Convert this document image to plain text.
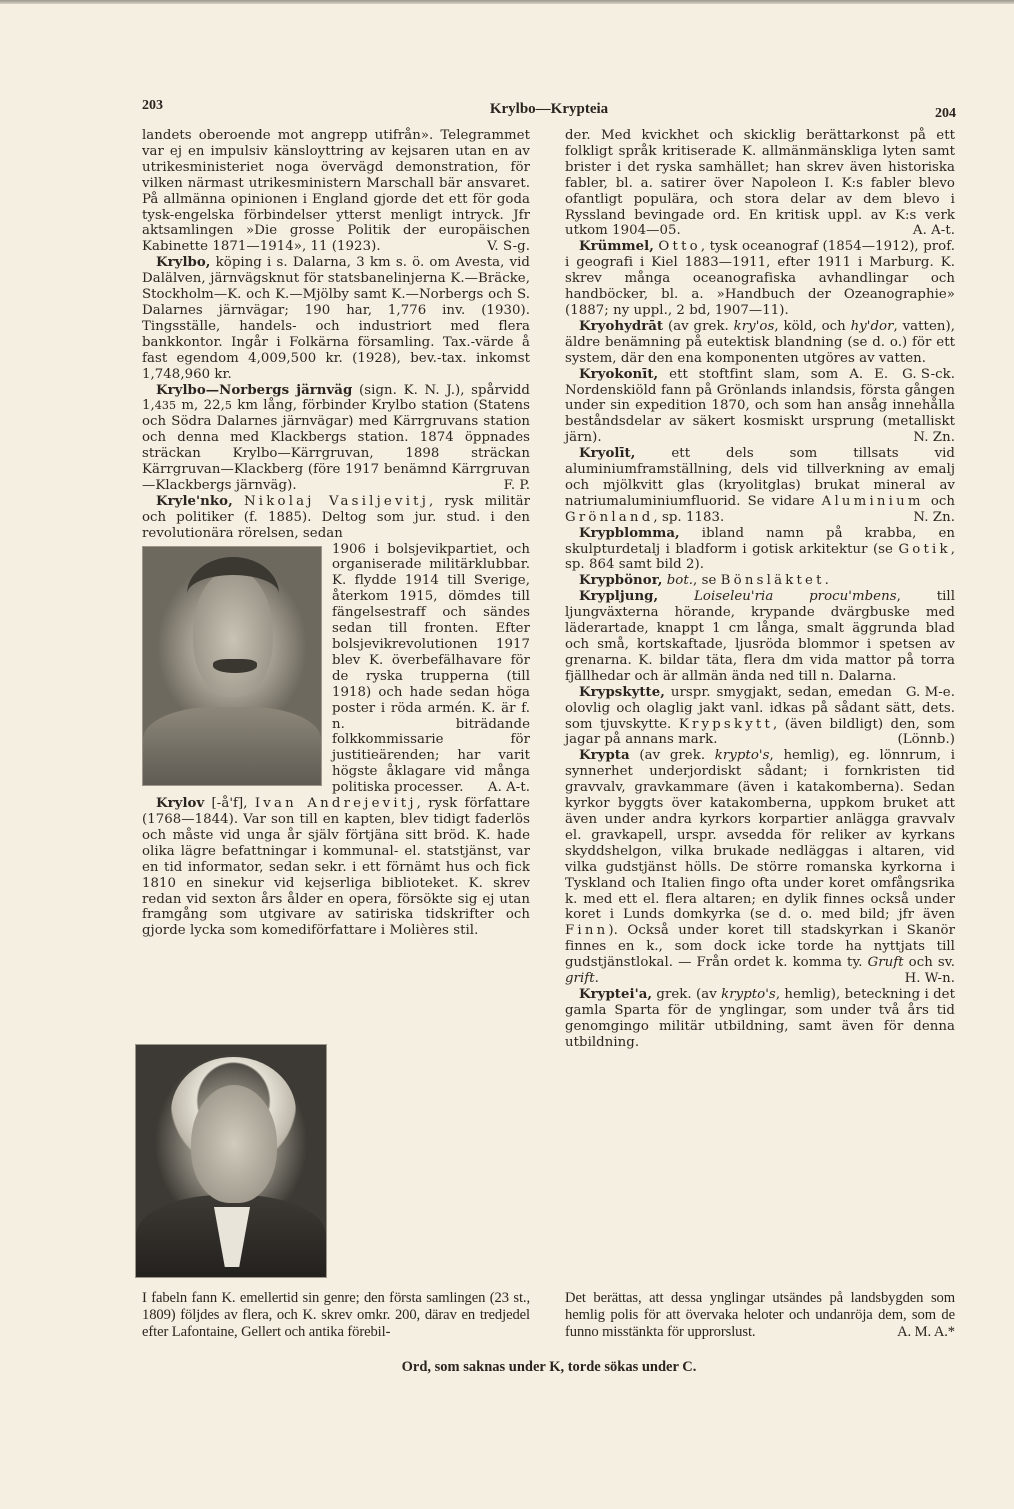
203	Krylbo—Krypteia	204

landets oberoende mot angrepp utifrån». Telegrammet var ej en impulsiv känsloyttring av kejsaren utan en av utrikesministeriet noga övervägd demonstration, för vilken närmast utrikesministern Marschall bär ansvaret. På allmänna opinionen i England gjorde det ett för goda tysk-engelska förbindelser ytterst menligt intryck. Jfr aktsamlingen »Die grosse Politik der europäischen Kabinette 1871—1914», 11 (1923).	V. S-g.

Krylbo, köping i s. Dalarna, 3 km s. ö. om Avesta, vid Dalälven, järnvägsknut för statsbanelinjerna K.—Bräcke, Stockholm—K. och K.—Mjölby samt K.—Norbergs och S. Dalarnes järnvägar; 190 har, 1,776 inv. (1930). Tingsställe, handels- och industriort med flera bankkontor. Ingår i Folkärna församling. Tax.-värde å fast egendom 4,009,500 kr. (1928), bev.-tax. inkomst 1,748,960 kr.

Krylbo—Norbergs järnväg (sign. K. N. J.), spårvidd 1,435 m, 22,5 km lång, förbinder Krylbo station (Statens och Södra Dalarnes järnvägar) med Kärrgruvans station och denna med Klackbergs station. 1874 öppnades sträckan Krylbo—Kärrgruvan, 1898 sträckan Kärrgruvan—Klackberg (före 1917 benämnd Kärrgruvan—Klackbergs järnväg).	F. P.

Kryle'nko, Nikolaj Vasiljevitj, rysk militär och politiker (f. 1885). Deltog som jur. stud. i den revolutionära rörelsen, sedan

1906 i bolsjevikpartiet, och organiserade militärklubbar. K. flydde 1914 till Sverige, återkom 1915, dömdes till fängelsestraff och sändes sedan till fronten. Efter bolsjevikrevolutionen 1917 blev K. överbefälhavare för de ryska trupperna (till 1918) och hade sedan höga poster i röda armén. K. är f. n. biträdande folkkommissarie för justitieärenden; har varit högste åklagare vid många politiska processer. A. A-t.

Krylov [-å'f], Ivan Andrejevitj, rysk författare (1768—1844). Var son till en kapten, blev tidigt faderlös och måste vid unga år själv förtjäna sitt bröd. K. hade olika lägre befattningar i kommunal- el. statstjänst, var en tid informator, sedan sekr. i ett förnämt hus och fick 1810 en sinekur vid kejserliga biblioteket. K. skrev redan vid sexton års ålder en opera, försökte sig ej utan framgång som utgivare av satiriska tidskrifter och gjorde lycka som komediförfattare i Molières stil.

I fabeln fann K. emellertid sin genre; den första samlingen (23 st., 1809) följdes av flera, och K. skrev omkr. 200, därav en tredjedel efter Lafontaine, Gellert och antika förebil-

der. Med kvickhet och skicklig berättarkonst på ett folkligt språk kritiserade K. allmänmänskliga lyten samt brister i det ryska samhället; han skrev även historiska fabler, bl. a. satirer över Napoleon I. K:s fabler blevo ofantligt populära, och stora delar av dem blevo i Ryssland bevingade ord. En kritisk uppl. av K:s verk utkom 1904—05.	A. A-t.

Krümmel, Otto, tysk oceanograf (1854—1912), prof. i geografi i Kiel 1883—1911, efter 1911 i Marburg. K. skrev många oceanografiska avhandlingar och handböcker, bl. a. »Handbuch der Ozeanographie» (1887; ny uppl., 2 bd, 1907—11).

Kryohydrāt (av grek. kry'os, köld, och hy'dor, vatten), äldre benämning på eutektisk blandning (se d. o.) för ett system, där den ena komponenten utgöres av vatten.
G. S-ck.

Kryokonīt, ett stoftfint slam, som A. E. Nordenskiöld fann på Grönlands inlandsis, första gången under sin expedition 1870, och som han ansåg innehålla beståndsdelar av säkert kosmiskt ursprung (metalliskt järn).	N. Zn.

Kryolīt, ett dels som tillsats vid aluminiumframställning, dels vid tillverkning av emalj och mjölkvitt glas (kryolitglas) brukat mineral av natriumaluminiumfluorid. Se vidare Aluminium och Grönland, sp. 1183.	N. Zn.

Krypblomma, ibland namn på krabba, en skulpturdetalj i bladform i gotisk arkitektur (se Gotik, sp. 864 samt bild 2).

Krypbönor, bot., se Bönsläktet.

Krypljung,	Loiseleu'ria procu'mbens, till ljungväxterna hörande, krypande dvärgbuske med läderartade, knappt 1 cm långa, smalt äggrunda blad och små, kortskaftade, ljusröda blommor i spetsen av grenarna. K. bildar täta, flera dm vida mattor på torra fjällhedar och är allmän ända ned till n. Dalarna.
G. M-e.

Krypskytte, urspr. smygjakt, sedan, emedan olovlig och olaglig jakt vanl. idkas på sådant sätt, dets. som tjuvskytte. Krypskytt, (även bildligt) den, som jagar på annans mark.	(Lönnb.)

Krypta (av grek. krypto's, hemlig), eg. lönnrum, i synnerhet underjordiskt sådant; i fornkristen tid gravvalv, gravkammare (även i katakomberna). Sedan kyrkor byggts över katakomberna, uppkom bruket att även under andra kyrkors korpartier anlägga gravvalv el. gravkapell, urspr. avsedda för reliker av kyrkans skyddshelgon, vilka brukade nedläggas i altaren, vid vilka gudstjänst hölls. De större romanska kyrkorna i Tyskland och Italien fingo ofta under koret omfångsrika k. med ett el. flera altaren; en dylik finnes också under koret i Lunds domkyrka (se d. o. med bild; jfr även Finn). Också under koret till stadskyrkan i Skanör finnes en k., som dock icke torde ha nyttjats till gudstjänstlokal. — Från ordet k. komma ty. Gruft och sv. grift.	H. W-n.

Kryptei'a, grek. (av krypto's, hemlig), beteckning i det gamla Sparta för de ynglingar, som under två års tid genomgingo militär utbildning, samt även för denna utbildning.

Det berättas, att dessa ynglingar utsändes på landsbygden som hemlig polis för att övervaka heloter och undanröja dem, som de funno misstänkta för upprorslust.	A. M. A.*

Ord, som saknas under K, torde sökas under C.
